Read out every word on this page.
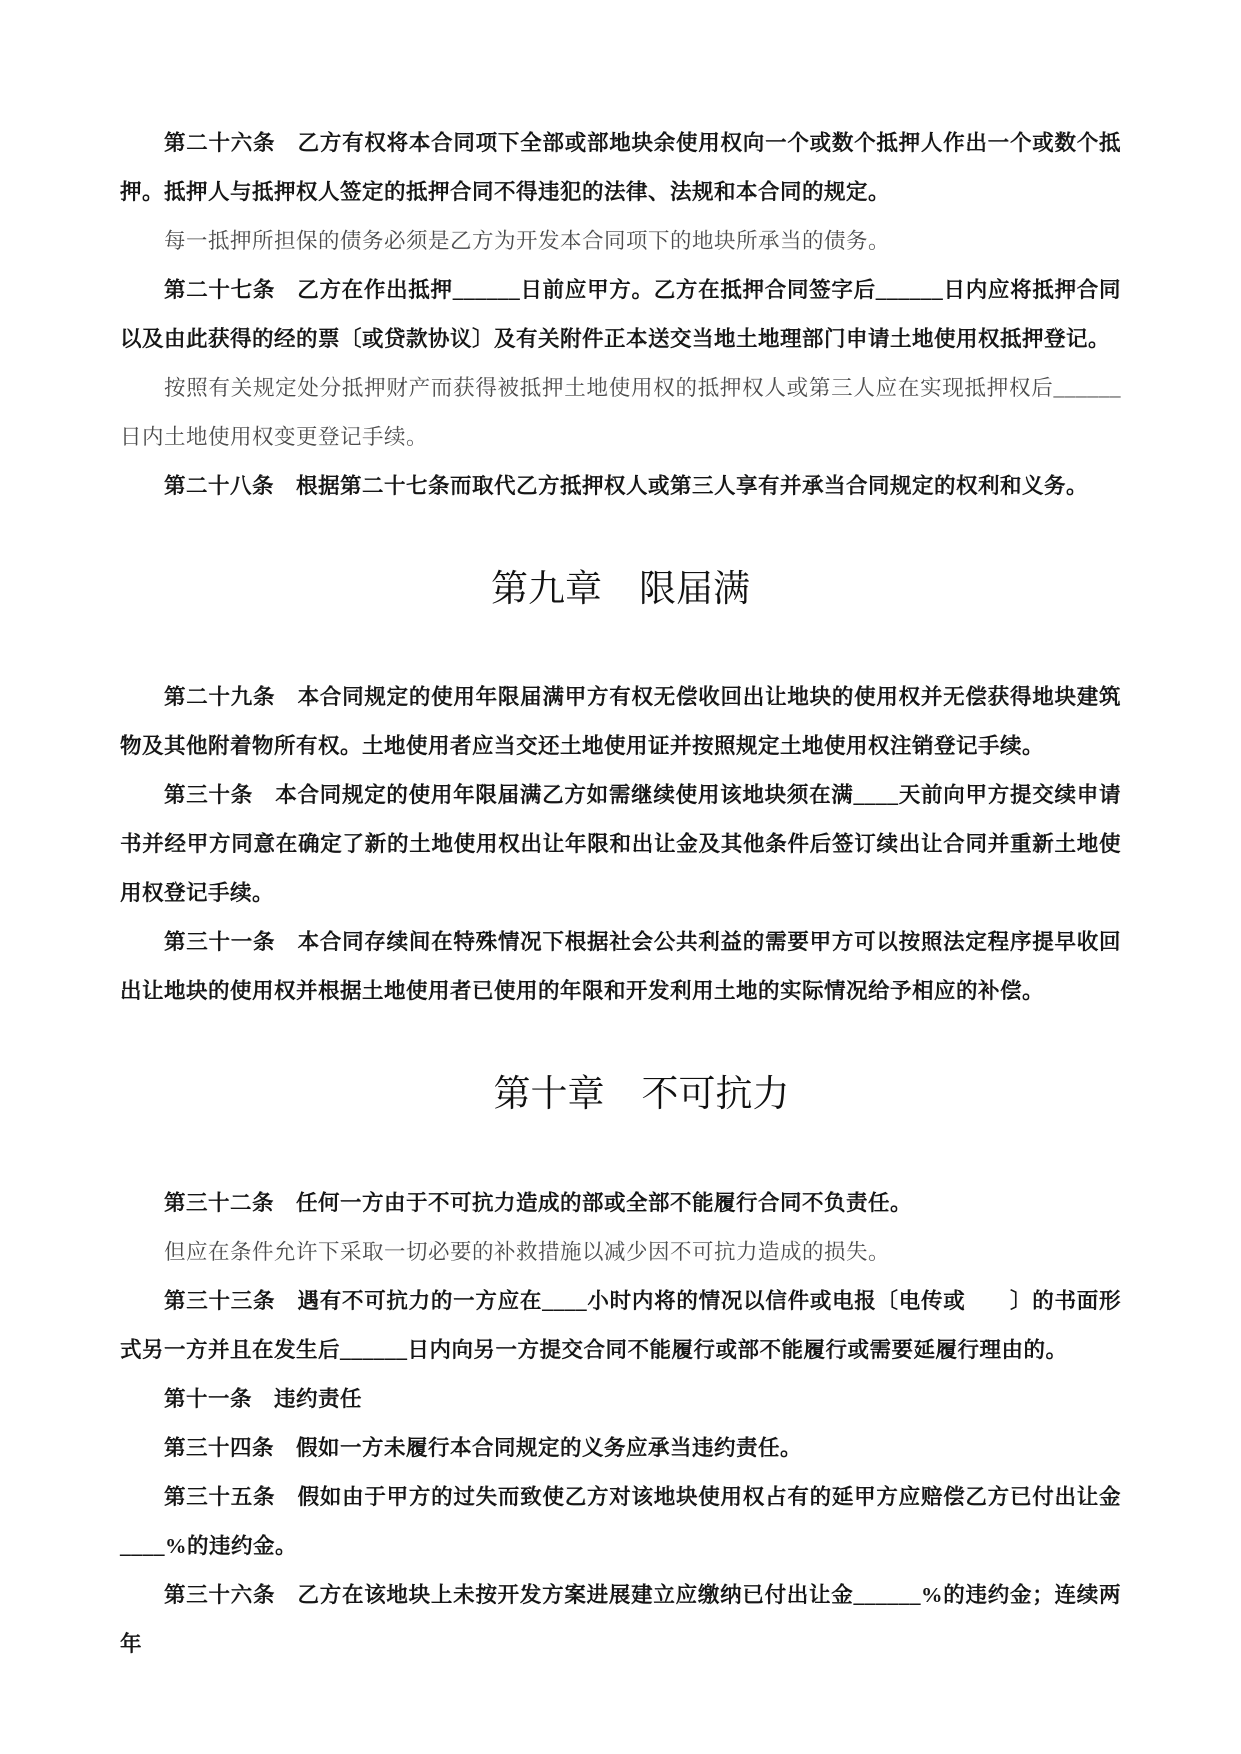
第二十六条　乙方有权将本合同项下全部或部地块余使用权向一个或数个抵押人作出一个或数个抵押。抵押人与抵押权人签定的抵押合同不得违犯的法律、法规和本合同的规定。

每一抵押所担保的债务必须是乙方为开发本合同项下的地块所承当的债务。

第二十七条　乙方在作出抵押______日前应甲方。乙方在抵押合同签字后______日内应将抵押合同以及由此获得的经的票〔或贷款协议〕及有关附件正本送交当地土地理部门申请土地使用权抵押登记。

按照有关规定处分抵押财产而获得被抵押土地使用权的抵押权人或第三人应在实现抵押权后______日内土地使用权变更登记手续。

第二十八条　根据第二十七条而取代乙方抵押权人或第三人享有并承当合同规定的权利和义务。

第九章　限届满

第二十九条　本合同规定的使用年限届满甲方有权无偿收回出让地块的使用权并无偿获得地块建筑物及其他附着物所有权。土地使用者应当交还土地使用证并按照规定土地使用权注销登记手续。

第三十条　本合同规定的使用年限届满乙方如需继续使用该地块须在满____天前向甲方提交续申请书并经甲方同意在确定了新的土地使用权出让年限和出让金及其他条件后签订续出让合同并重新土地使用权登记手续。

第三十一条　本合同存续间在特殊情况下根据社会公共利益的需要甲方可以按照法定程序提早收回出让地块的使用权并根据土地使用者已使用的年限和开发利用土地的实际情况给予相应的补偿。

第十章　不可抗力

第三十二条　任何一方由于不可抗力造成的部或全部不能履行合同不负责任。

但应在条件允许下采取一切必要的补救措施以减少因不可抗力造成的损失。

第三十三条　遇有不可抗力的一方应在____小时内将的情况以信件或电报〔电传或　　〕的书面形式另一方并且在发生后______日内向另一方提交合同不能履行或部不能履行或需要延履行理由的。

第十一条　违约责任

第三十四条　假如一方未履行本合同规定的义务应承当违约责任。

第三十五条　假如由于甲方的过失而致使乙方对该地块使用权占有的延甲方应赔偿乙方已付出让金____%的违约金。

第三十六条　乙方在该地块上未按开发方案进展建立应缴纳已付出让金______%的违约金；连续两年
